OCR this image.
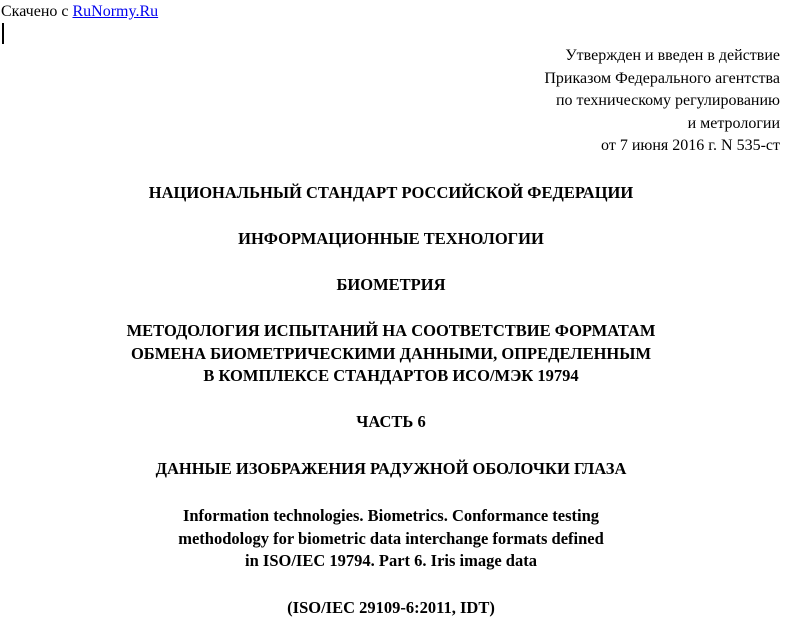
Скачено с RuNormy.Ru
Утвержден и введен в действие
Приказом Федерального агентства
по техническому регулированию
и метрологии
от 7 июня 2016 г. N 535-ст
НАЦИОНАЛЬНЫЙ СТАНДАРТ РОССИЙСКОЙ ФЕДЕРАЦИИ
ИНФОРМАЦИОННЫЕ ТЕХНОЛОГИИ
БИОМЕТРИЯ
МЕТОДОЛОГИЯ ИСПЫТАНИЙ НА СООТВЕТСТВИЕ ФОРМАТАМ
ОБМЕНА БИОМЕТРИЧЕСКИМИ ДАННЫМИ, ОПРЕДЕЛЕННЫМ
В КОМПЛЕКСЕ СТАНДАРТОВ ИСО/МЭК 19794
ЧАСТЬ 6
ДАННЫЕ ИЗОБРАЖЕНИЯ РАДУЖНОЙ ОБОЛОЧКИ ГЛАЗА
Information technologies. Biometrics. Conformance testing
methodology for biometric data interchange formats defined
in ISO/IEC 19794. Part 6. Iris image data
(ISO/IEC 29109-6:2011, IDT)
